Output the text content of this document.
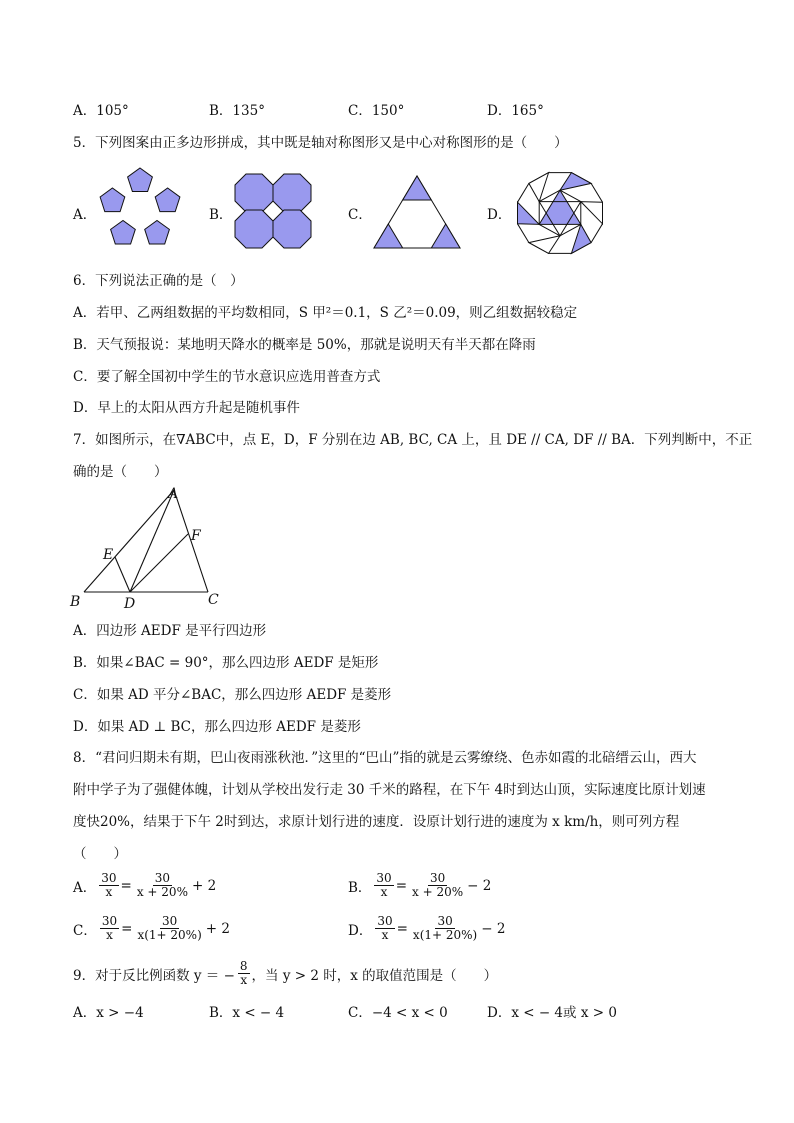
A．105°	B．135°	C．150°	D．165°
5．下列图案由正多边形拼成，其中既是轴对称图形又是中心对称图形的是（　　）
A．	B．	C．	D．
6．下列说法正确的是（　）
A．若甲、乙两组数据的平均数相同，S 甲²＝0.1，S 乙²＝0.09，则乙组数据较稳定
B．天气预报说：某地明天降水的概率是 50%，那就是说明天有半天都在降雨
C．要了解全国初中学生的节水意识应选用普查方式
D．早上的太阳从西方升起是随机事件
7．如图所示，在∇ABC中，点 E，D，F 分别在边 AB, BC, CA 上，且 DE // CA, DF // BA．下列判断中，不正
确的是（　　）
A
B	C
D
E
F
A．四边形 AEDF 是平行四边形
B．如果∠BAC = 90°，那么四边形 AEDF 是矩形
C．如果 AD 平分∠BAC，那么四边形 AEDF 是菱形
D．如果 AD ⊥ BC，那么四边形 AEDF 是菱形
8．“君问归期未有期，巴山夜雨涨秋池．”这里的“巴山”指的就是云雾缭绕、色赤如霞的北碚缙云山，西大
附中学子为了强健体魄，计划从学校出发行走 30 千米的路程，在下午 4时到达山顶，实际速度比原计划速
度快20%，结果于下午 2时到达，求原计划行进的速度．设原计划行进的速度为 x km/h，则可列方程
（　　）
A． $\frac{30}{x} = \frac{30}{x + 20\%} + 2$	B． $\frac{30}{x} = \frac{30}{x + 20\%} - 2$
C． $\frac{30}{x} = \frac{30}{x(1+ 20\%)} + 2$	D． $\frac{30}{x} = \frac{30}{x(1+ 20\%)} - 2$
9．对于反比例函数 y ＝ − $\frac{8}{x}$ ，当 y > 2 时，x 的取值范围是（　　）
A．x > −4	B．x < − 4	C．−4 < x < 0	D．x < − 4或 x > 0
